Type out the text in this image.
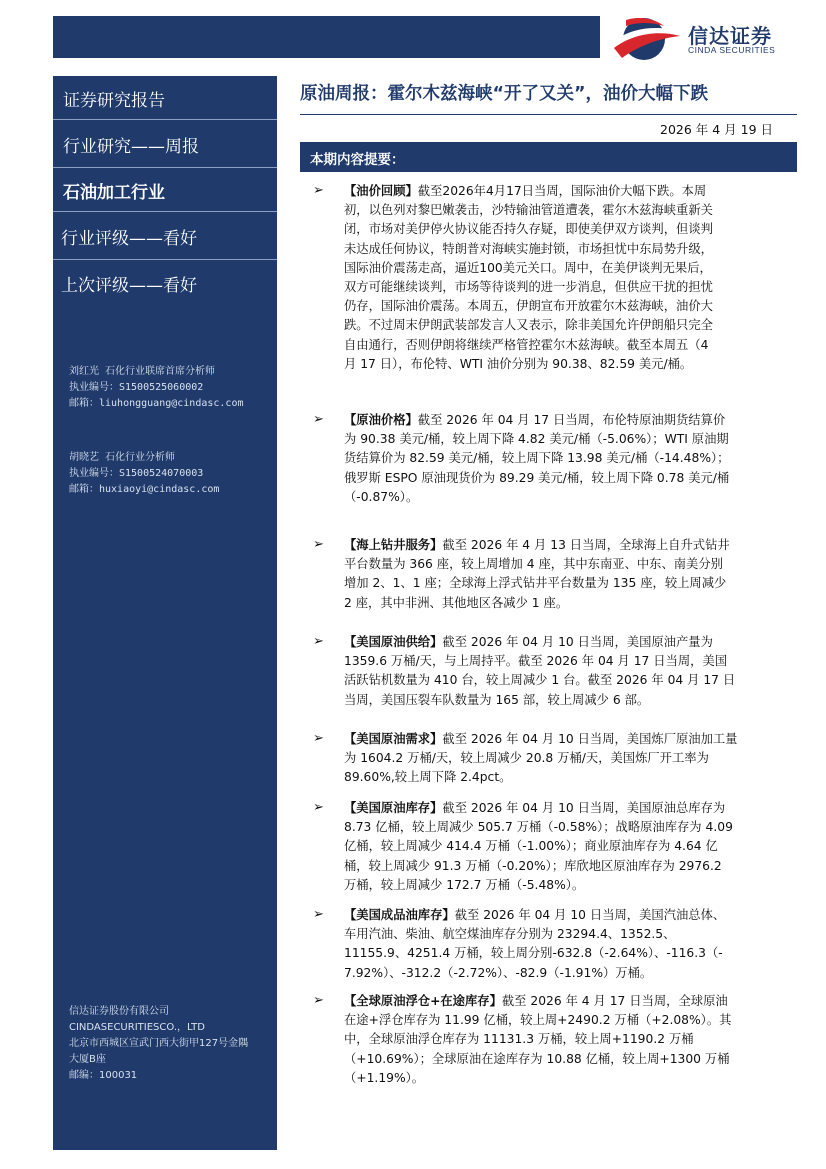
信达证券
CINDA SECURITIES
证券研究报告
行业研究——周报
石油加工行业
行业评级——看好
上次评级——看好
刘红光 石化行业联席首席分析师
执业编号：S1500525060002
邮箱：liuhongguang@cindasc.com
胡晓艺 石化行业分析师
执业编号：S1500524070003
邮箱：huxiaoyi@cindasc.com
信达证券股份有限公司
CINDASECURITIESCO.，LTD
北京市西城区宣武门西大街甲127号金隅
大厦B座
邮编：100031
原油周报：霍尔木兹海峡“开了又关”，油价大幅下跌
2026 年 4 月 19 日
本期内容提要：
➢ 【油价回顾】截至2026年4月17日当周，国际油价大幅下跌。本周
初，以色列对黎巴嫩袭击，沙特输油管道遭袭，霍尔木兹海峡重新关
闭，市场对美伊停火协议能否持久存疑，即使美伊双方谈判，但谈判
未达成任何协议，特朗普对海峡实施封锁，市场担忧中东局势升级，
国际油价震荡走高，逼近100美元关口。周中，在美伊谈判无果后，
双方可能继续谈判，市场等待谈判的进一步消息，但供应干扰的担忧
仍存，国际油价震荡。本周五，伊朗宣布开放霍尔木兹海峡，油价大
跌。不过周末伊朗武装部发言人又表示，除非美国允许伊朗船只完全
自由通行，否则伊朗将继续严格管控霍尔木兹海峡。截至本周五（4
月 17 日），布伦特、WTI 油价分别为 90.38、82.59 美元/桶。

➢ 【原油价格】截至 2026 年 04 月 17 日当周，布伦特原油期货结算价
为 90.38 美元/桶，较上周下降 4.82 美元/桶（-5.06%）；WTI 原油期
货结算价为 82.59 美元/桶，较上周下降 13.98 美元/桶（-14.48%）；
俄罗斯 ESPO 原油现货价为 89.29 美元/桶，较上周下降 0.78 美元/桶
（-0.87%）。

➢ 【海上钻井服务】截至 2026 年 4 月 13 日当周，全球海上自升式钻井
平台数量为 366 座，较上周增加 4 座，其中东南亚、中东、南美分别
增加 2、1、1 座；全球海上浮式钻井平台数量为 135 座，较上周减少
2 座，其中非洲、其他地区各减少 1 座。

➢ 【美国原油供给】截至 2026 年 04 月 10 日当周，美国原油产量为
1359.6 万桶/天，与上周持平。截至 2026 年 04 月 17 日当周，美国
活跃钻机数量为 410 台，较上周减少 1 台。截至 2026 年 04 月 17 日
当周，美国压裂车队数量为 165 部，较上周减少 6 部。

➢ 【美国原油需求】截至 2026 年 04 月 10 日当周，美国炼厂原油加工量
为 1604.2 万桶/天，较上周减少 20.8 万桶/天，美国炼厂开工率为
89.60%,较上周下降 2.4pct。

➢ 【美国原油库存】截至 2026 年 04 月 10 日当周，美国原油总库存为
8.73 亿桶，较上周减少 505.7 万桶（-0.58%）；战略原油库存为 4.09
亿桶，较上周减少 414.4 万桶（-1.00%）；商业原油库存为 4.64 亿
桶，较上周减少 91.3 万桶（-0.20%）；库欣地区原油库存为 2976.2
万桶，较上周减少 172.7 万桶（-5.48%）。

➢ 【美国成品油库存】截至 2026 年 04 月 10 日当周，美国汽油总体、
车用汽油、柴油、航空煤油库存分别为 23294.4、1352.5、
11155.9、4251.4 万桶，较上周分别-632.8（-2.64%）、-116.3（-
7.92%）、-312.2（-2.72%）、-82.9（-1.91%）万桶。

➢ 【全球原油浮仓+在途库存】截至 2026 年 4 月 17 日当周，全球原油
在途+浮仓库存为 11.99 亿桶，较上周+2490.2 万桶（+2.08%）。其
中，全球原油浮仓库存为 11131.3 万桶，较上周+1190.2 万桶
（+10.69%）；全球原油在途库存为 10.88 亿桶，较上周+1300 万桶
（+1.19%）。
